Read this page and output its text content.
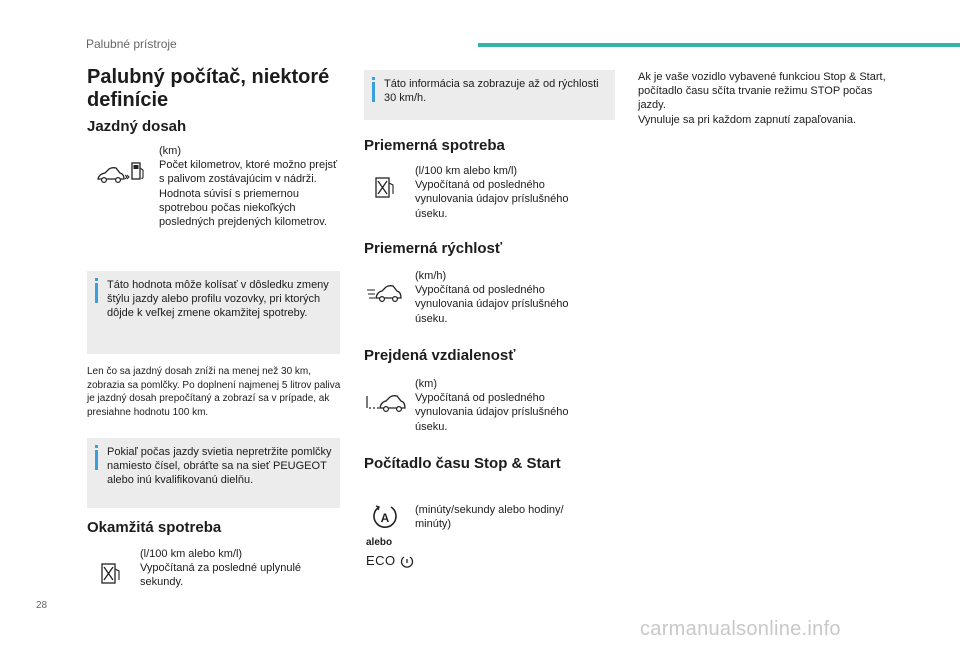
Palubné prístroje
Palubný počítač, niektoré definície
Jazdný dosah
(km)
Počet kilometrov, ktoré možno prejsť s palivom zostávajúcim v nádrži. Hodnota súvisí s priemernou spotrebou počas niekoľkých posledných prejdených kilometrov.
Táto hodnota môže kolísať v dôsledku zmeny štýlu jazdy alebo profilu vozovky, pri ktorých dôjde k veľkej zmene okamžitej spotreby.
Len čo sa jazdný dosah zníži na menej než 30 km, zobrazia sa pomlčky. Po doplnení najmenej 5 litrov paliva je jazdný dosah prepočítaný a zobrazí sa v prípade, ak presiahne hodnotu 100 km.
Pokiaľ počas jazdy svietia nepretržite pomlčky namiesto čísel, obráťte sa na sieť PEUGEOT alebo inú kvalifikovanú dielňu.
Okamžitá spotreba
(l/100 km alebo km/l)
Vypočítaná za posledné uplynulé sekundy.
Táto informácia sa zobrazuje až od rýchlosti 30 km/h.
Priemerná spotreba
(l/100 km alebo km/l)
Vypočítaná od posledného vynulovania údajov príslušného úseku.
Priemerná rýchlosť
(km/h)
Vypočítaná od posledného vynulovania údajov príslušného úseku.
Prejdená vzdialenosť
(km)
Vypočítaná od posledného vynulovania údajov príslušného úseku.
Počítadlo času Stop & Start
A
(minúty/sekundy alebo hodiny/ minúty)
alebo
ECO
Ak je vaše vozidlo vybavené funkciou Stop & Start, počítadlo času sčíta trvanie režimu STOP počas jazdy.
Vynuluje sa pri každom zapnutí zapaľovania.
28
carmanualsonline.info
